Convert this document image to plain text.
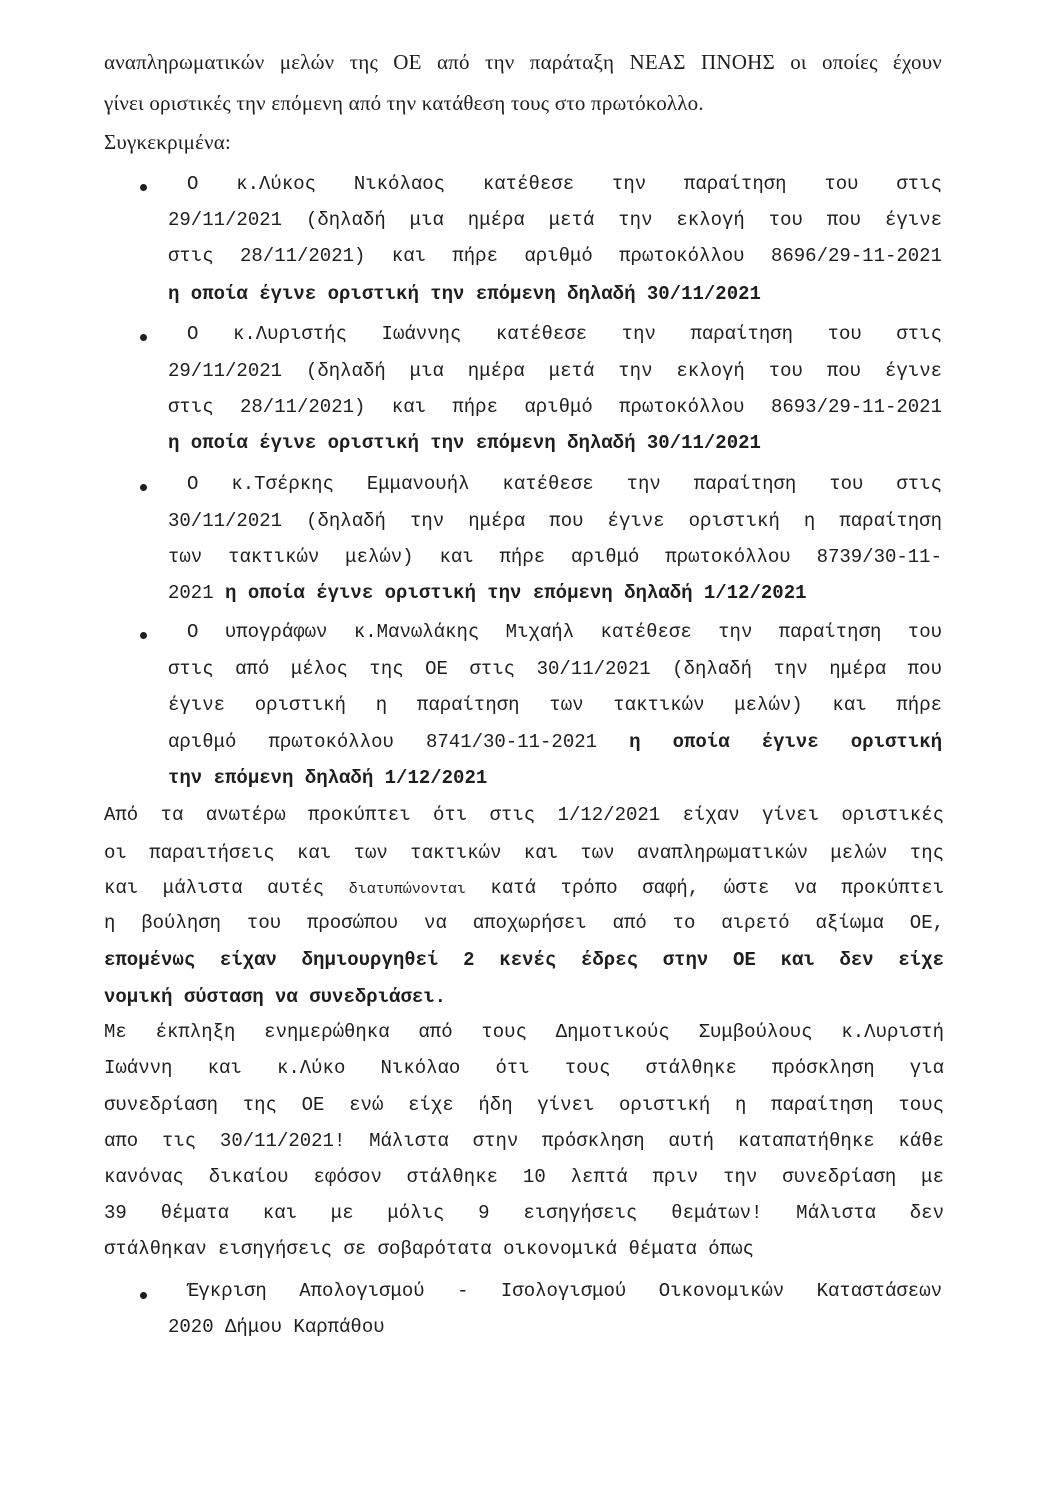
αναπληρωματικών μελών της ΟΕ από την παράταξη ΝΕΑΣ ΠΝΟΗΣ οι οποίες έχουν

γίνει οριστικές την επόμενη από την κατάθεση τους στο πρωτόκολλο.

Συγκεκριμένα:

Ο κ.Λύκος Νικόλαος κατέθεσε την παραίτηση του στις

29/11/2021 (δηλαδή μια ημέρα μετά την εκλογή του που έγινε

στις 28/11/2021) και πήρε αριθμό πρωτοκόλλου 8696/29-11-2021

η οποία έγινε οριστική την επόμενη δηλαδή 30/11/2021

Ο κ.Λυριστής Ιωάννης κατέθεσε την παραίτηση του στις

29/11/2021 (δηλαδή μια ημέρα μετά την εκλογή του που έγινε

στις 28/11/2021) και πήρε αριθμό πρωτοκόλλου 8693/29-11-2021

η οποία έγινε οριστική την επόμενη δηλαδή 30/11/2021

Ο κ.Τσέρκης Εμμανουήλ κατέθεσε την παραίτηση του στις

30/11/2021 (δηλαδή την ημέρα που έγινε οριστική η παραίτηση

των τακτικών μελών) και πήρε αριθμό πρωτοκόλλου 8739/30-11-

2021 η οποία έγινε οριστική την επόμενη δηλαδή 1/12/2021

Ο υπογράφων κ.Μανωλάκης Μιχαήλ κατέθεσε την παραίτηση του

στις από μέλος της ΟΕ στις 30/11/2021 (δηλαδή την ημέρα που

έγινε οριστική η παραίτηση των τακτικών μελών) και πήρε

αριθμό πρωτοκόλλου 8741/30-11-2021 η οποία έγινε οριστική

την επόμενη δηλαδή 1/12/2021

Από τα ανωτέρω προκύπτει ότι στις 1/12/2021 είχαν γίνει οριστικές

οι παραιτήσεις και των τακτικών και των αναπληρωματικών μελών της

και μάλιστα αυτές διατυπώνονται κατά τρόπο σαφή, ώστε να προκύπτει

η βούληση του προσώπου να αποχωρήσει από το αιρετό αξίωμα ΟΕ,

επομένως είχαν δημιουργηθεί 2 κενές έδρες στην ΟΕ και δεν είχε

νομική σύσταση να συνεδριάσει.

Με έκπληξη ενημερώθηκα από τους Δημοτικούς Συμβούλους κ.Λυριστή

Ιωάννη και κ.Λύκο Νικόλαο ότι τους στάλθηκε πρόσκληση για

συνεδρίαση της ΟΕ ενώ είχε ήδη γίνει οριστική η παραίτηση τους

απο τις 30/11/2021! Μάλιστα στην πρόσκληση αυτή καταπατήθηκε κάθε

κανόνας δικαίου εφόσον στάλθηκε 10 λεπτά πριν την συνεδρίαση με

39 θέματα και με μόλις 9 εισηγήσεις θεμάτων! Μάλιστα δεν

στάλθηκαν εισηγήσεις σε σοβαρότατα οικονομικά θέματα όπως

Έγκριση Απολογισμού - Ισολογισμού Οικονομικών Καταστάσεων

2020 Δήμου Καρπάθου
